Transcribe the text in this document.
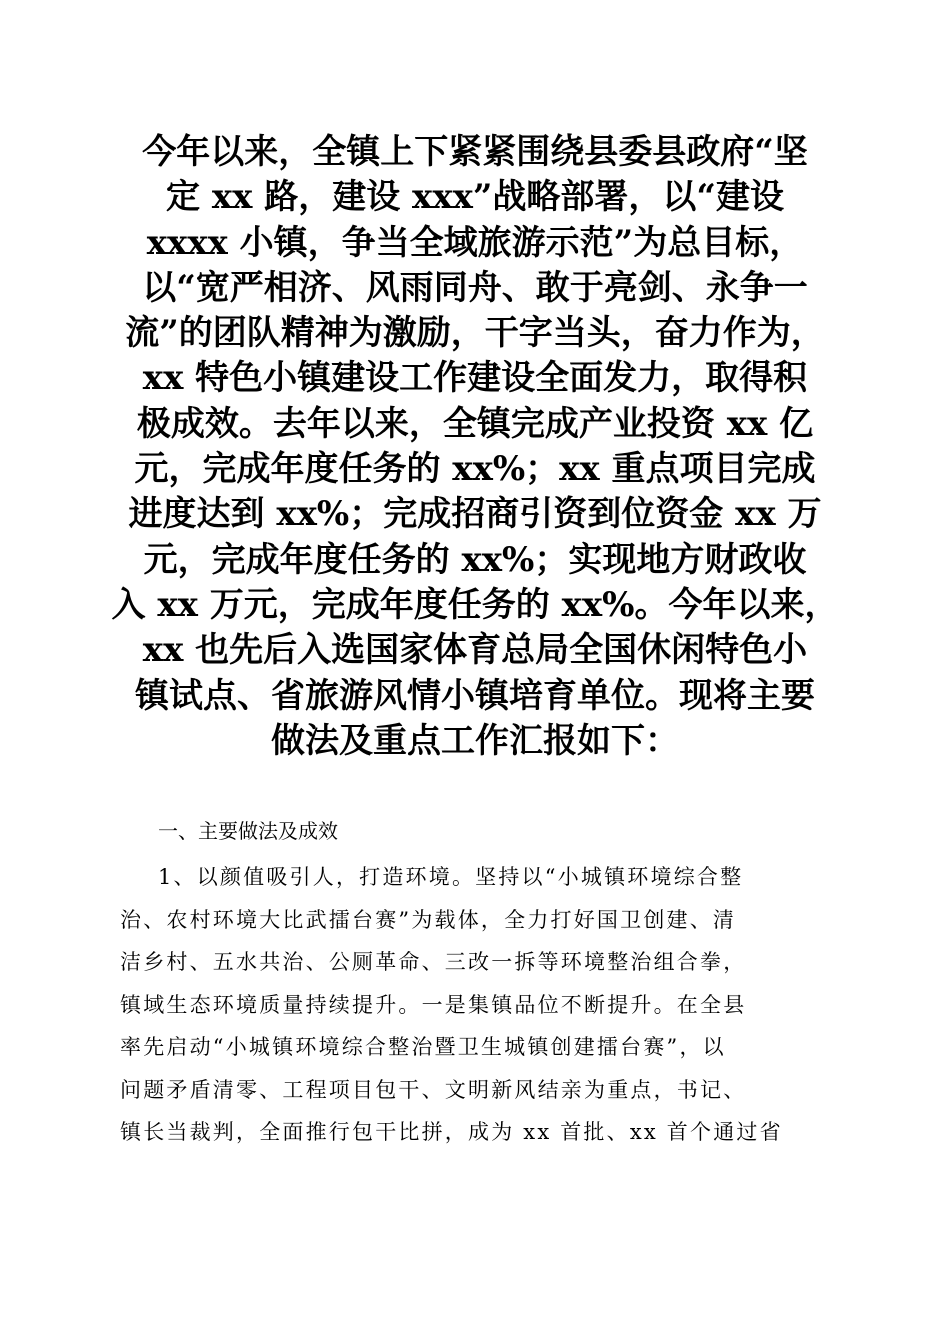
今年以来，全镇上下紧紧围绕县委县政府“坚
定 xx 路，建设 xxx”战略部署，以“建设
xxxx 小镇，争当全域旅游示范”为总目标，
以“宽严相济、风雨同舟、敢于亮剑、永争一
流”的团队精神为激励，干字当头，奋力作为，
xx 特色小镇建设工作建设全面发力，取得积
极成效。去年以来，全镇完成产业投资 xx 亿
元，完成年度任务的 xx%；xx 重点项目完成
进度达到 xx%；完成招商引资到位资金 xx 万
元，完成年度任务的 xx%；实现地方财政收
入 xx 万元，完成年度任务的 xx%。今年以来，
xx 也先后入选国家体育总局全国休闲特色小
镇试点、省旅游风情小镇培育单位。现将主要
做法及重点工作汇报如下：
一、主要做法及成效
1、以颜值吸引人，打造环境。坚持以“小城镇环境综合整
治、农村环境大比武擂台赛”为载体，全力打好国卫创建、清
洁乡村、五水共治、公厕革命、三改一拆等环境整治组合拳，
镇域生态环境质量持续提升。一是集镇品位不断提升。在全县
率先启动“小城镇环境综合整治暨卫生城镇创建擂台赛”，以
问题矛盾清零、工程项目包干、文明新风结亲为重点，书记、
镇长当裁判，全面推行包干比拼，成为 xx 首批、xx 首个通过省
